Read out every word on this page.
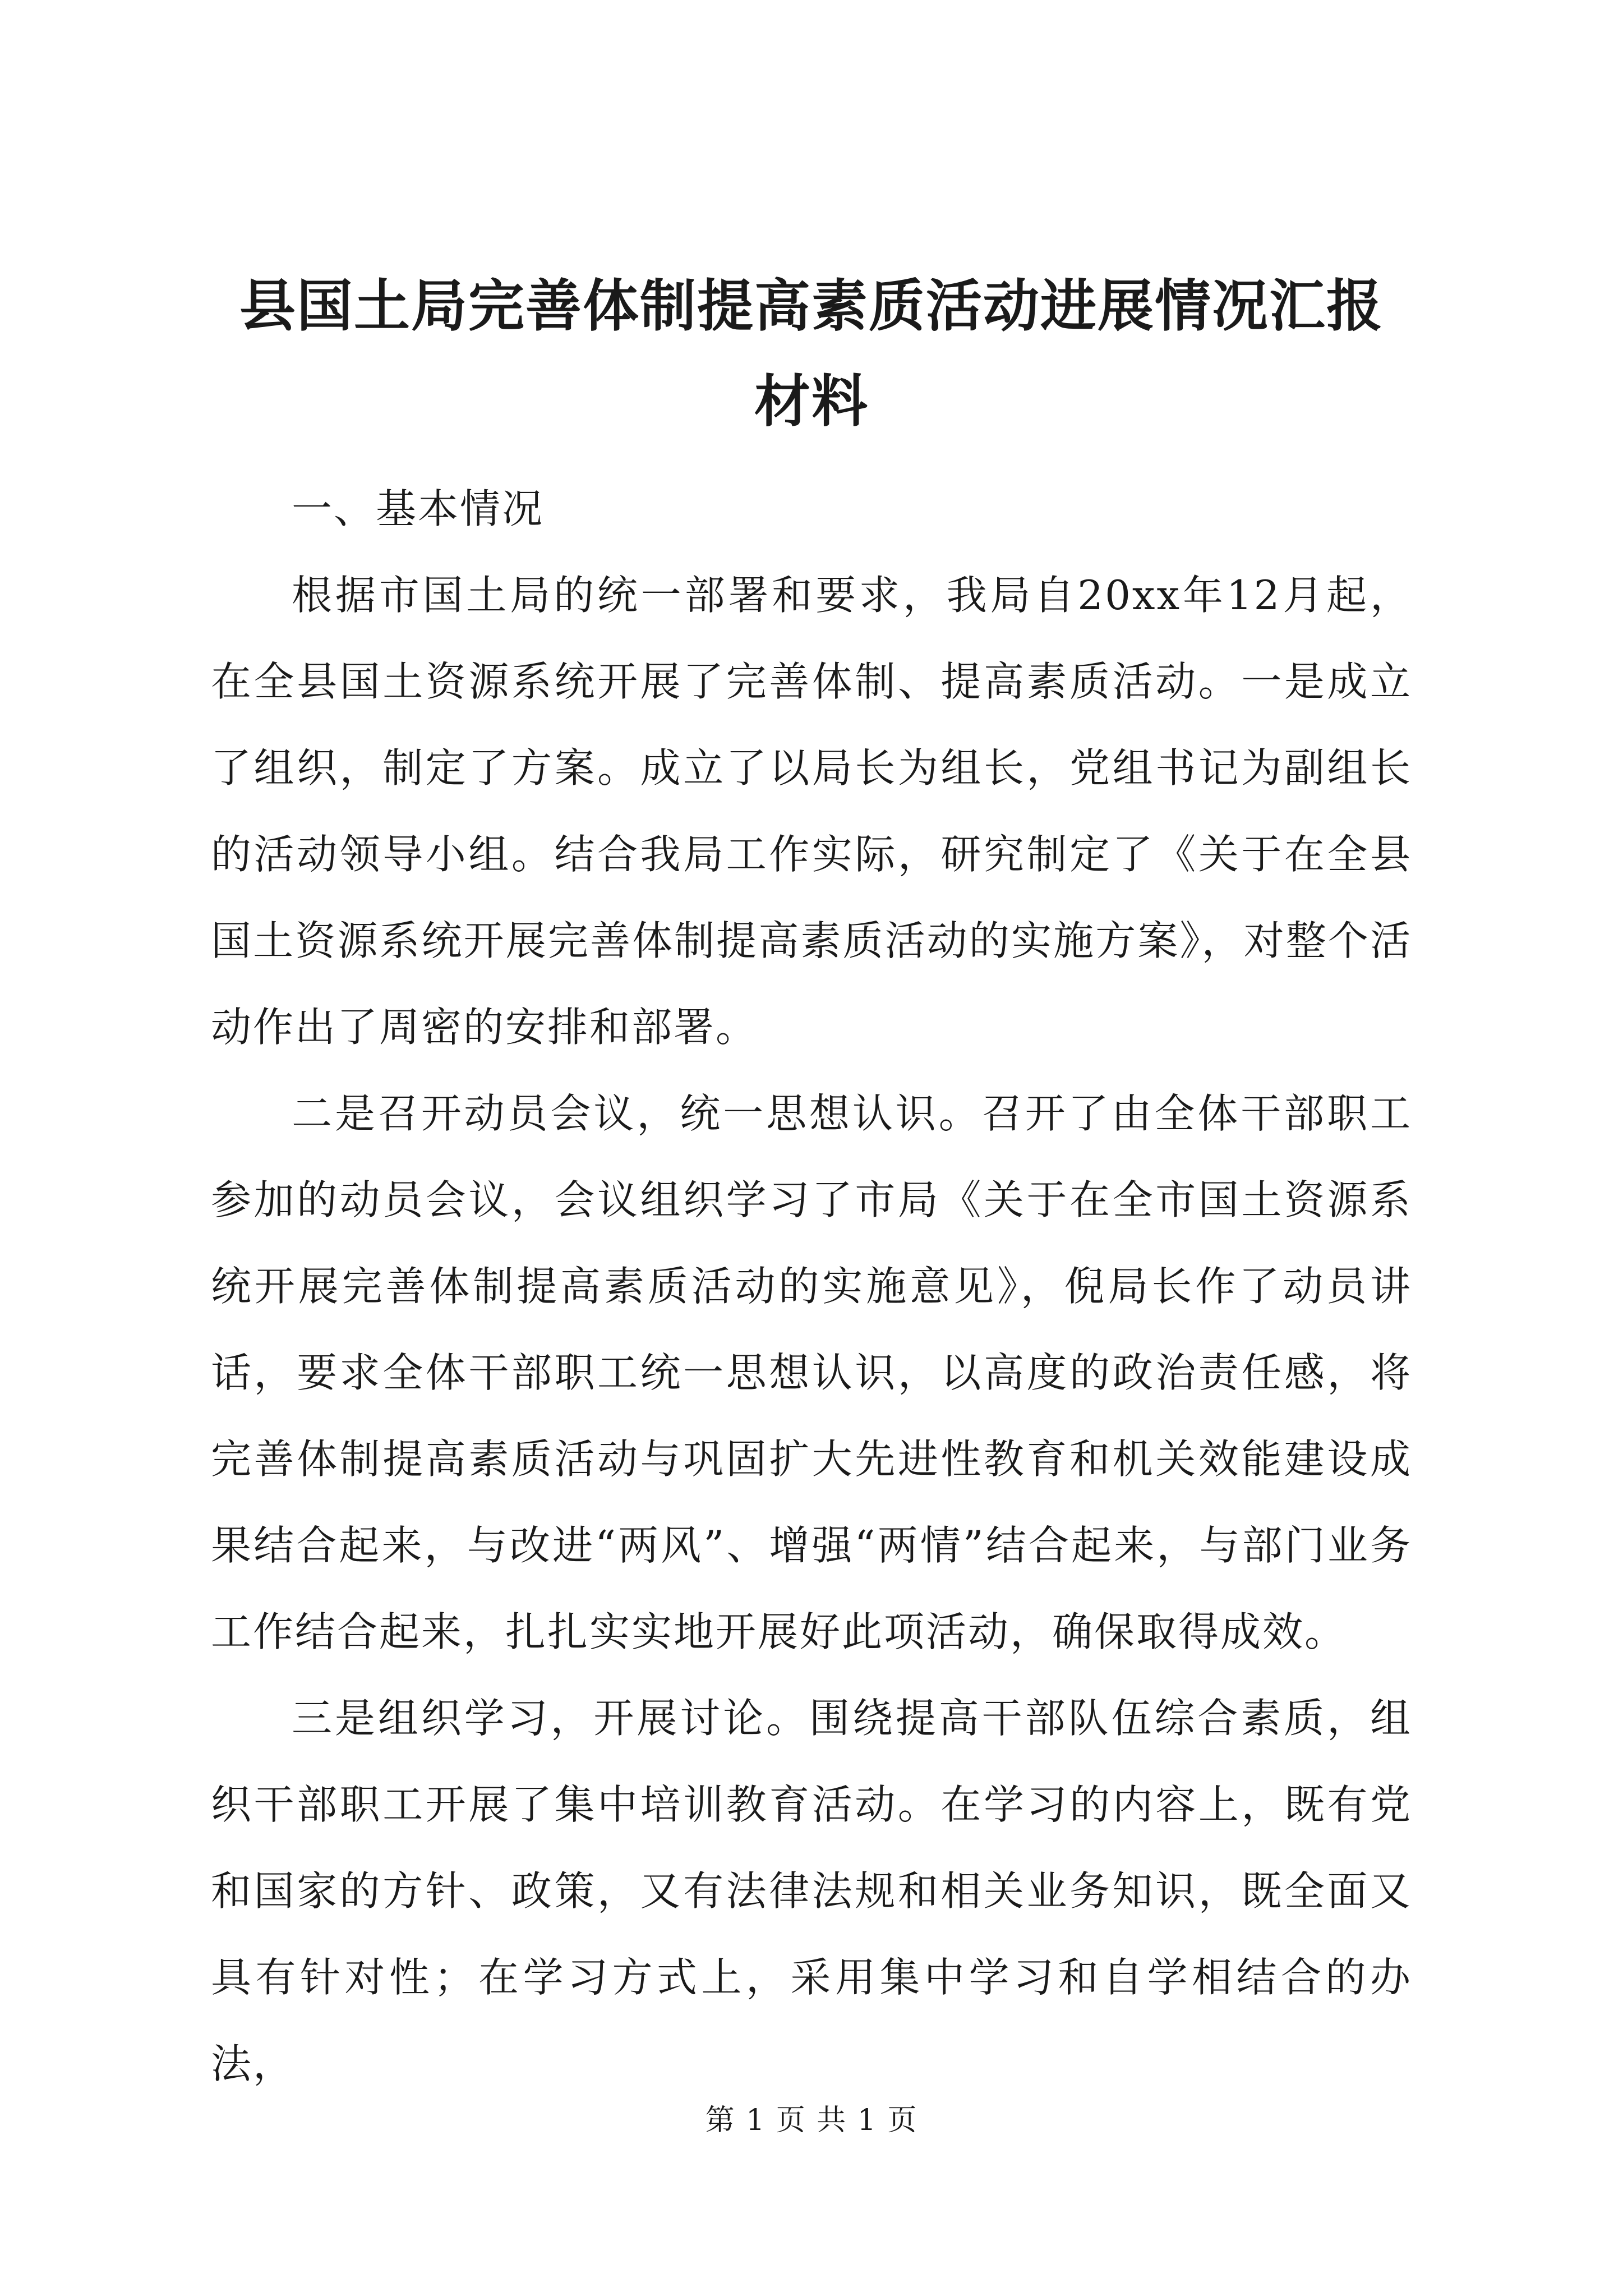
县国土局完善体制提高素质活动进展情况汇报
材料

一、基本情况

根据市国土局的统一部署和要求，我局自20xx年12月起，在全县国土资源系统开展了完善体制、提高素质活动。一是成立了组织，制定了方案。成立了以局长为组长，党组书记为副组长的活动领导小组。结合我局工作实际，研究制定了《关于在全县国土资源系统开展完善体制提高素质活动的实施方案》，对整个活动作出了周密的安排和部署。

二是召开动员会议，统一思想认识。召开了由全体干部职工参加的动员会议，会议组织学习了市局《关于在全市国土资源系统开展完善体制提高素质活动的实施意见》，倪局长作了动员讲话，要求全体干部职工统一思想认识，以高度的政治责任感，将完善体制提高素质活动与巩固扩大先进性教育和机关效能建设成果结合起来，与改进“两风”、增强“两情”结合起来，与部门业务工作结合起来，扎扎实实地开展好此项活动，确保取得成效。

三是组织学习，开展讨论。围绕提高干部队伍综合素质，组织干部职工开展了集中培训教育活动。在学习的内容上，既有党和国家的方针、政策，又有法律法规和相关业务知识，既全面又具有针对性；在学习方式上，采用集中学习和自学相结合的办法，

第 1 页 共 1 页
